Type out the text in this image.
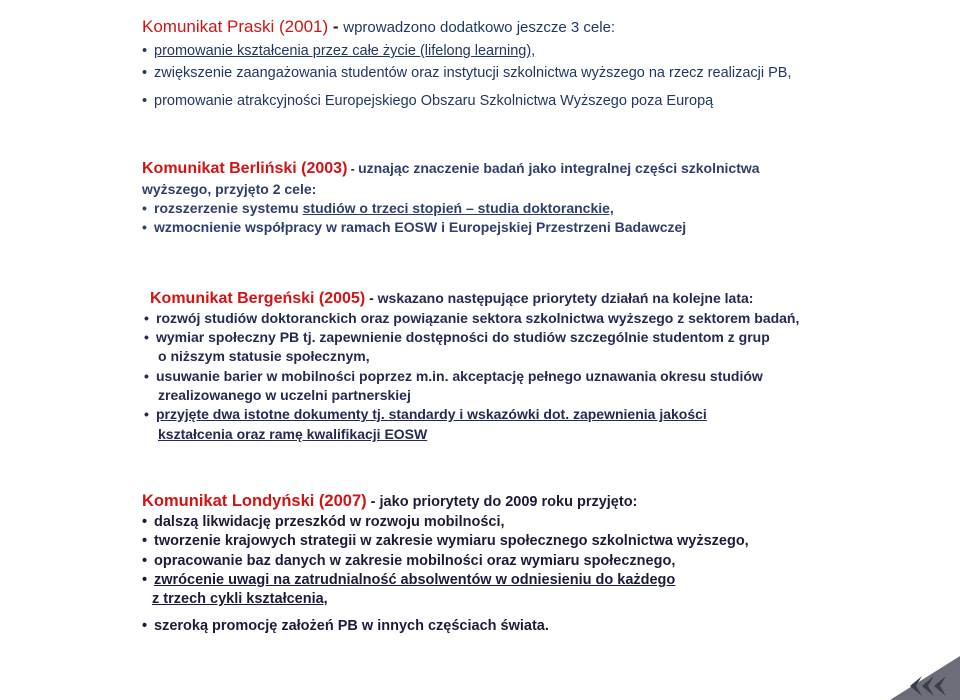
Komunikat Praski (2001) - wprowadzono dodatkowo jeszcze 3 cele:
• promowanie kształcenia przez całe życie (lifelong learning),
• zwiększenie zaangażowania studentów oraz instytucji szkolnictwa wyższego na rzecz realizacji PB,
• promowanie atrakcyjności Europejskiego Obszaru Szkolnictwa Wyższego poza Europą
Komunikat Berliński (2003) - uznając znaczenie badań jako integralnej części szkolnictwa
wyższego, przyjęto 2 cele:
• rozszerzenie systemu studiów o trzeci stopień – studia doktoranckie,
• wzmocnienie współpracy w ramach EOSW i Europejskiej Przestrzeni Badawczej
Komunikat Bergeński (2005) - wskazano następujące priorytety działań na kolejne lata:
• rozwój studiów doktoranckich oraz powiązanie sektora szkolnictwa wyższego z sektorem badań,
• wymiar społeczny PB tj. zapewnienie dostępności do studiów szczególnie studentom z grup
o niższym statusie społecznym,
• usuwanie barier w mobilności poprzez m.in. akceptację pełnego uznawania okresu studiów
zrealizowanego w uczelni partnerskiej
• przyjęte dwa istotne dokumenty tj. standardy i wskazówki dot. zapewnienia jakości
kształcenia oraz ramę kwalifikacji EOSW
Komunikat Londyński (2007) - jako priorytety do 2009 roku przyjęto:
• dalszą likwidację przeszkód w rozwoju mobilności,
• tworzenie krajowych strategii w zakresie wymiaru społecznego szkolnictwa wyższego,
• opracowanie baz danych w zakresie mobilności oraz wymiaru społecznego,
• zwrócenie uwagi na zatrudnialność absolwentów w odniesieniu do każdego
z trzech cykli kształcenia,
• szeroką promocję założeń PB w innych częściach świata.
